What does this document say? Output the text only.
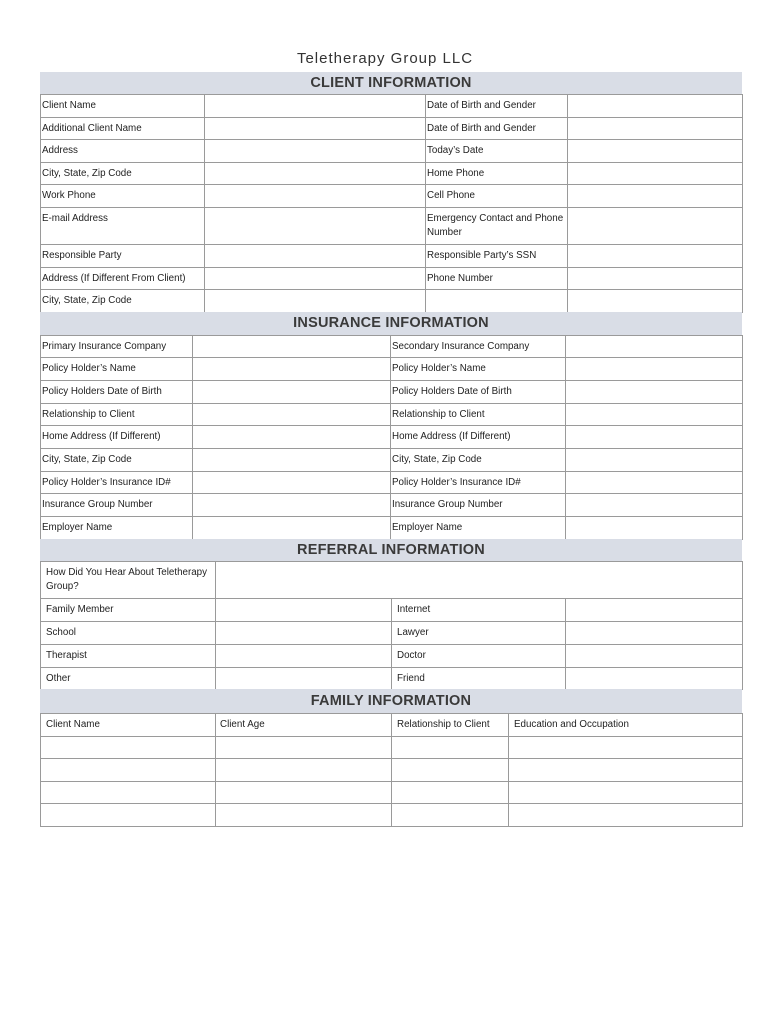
Teletherapy Group LLC
CLIENT INFORMATION
Client Name		Date of Birth and Gender	
Additional Client Name		Date of Birth and Gender	
Address		Today’s Date	
City, State, Zip Code		Home Phone	
Work Phone		Cell Phone	
E-mail Address		Emergency Contact and Phone Number	
Responsible Party		Responsible Party’s SSN	
Address (If Different From Client)		Phone Number	
City, State, Zip Code			
INSURANCE INFORMATION
Primary Insurance Company		Secondary Insurance Company	
Policy Holder’s Name		Policy Holder’s Name	
Policy Holders Date of Birth		Policy Holders Date of Birth	
Relationship to Client		Relationship to Client	
Home Address (If Different)		Home Address (If Different)	
City, State, Zip Code		City, State, Zip Code	
Policy Holder’s Insurance ID#		Policy Holder’s Insurance ID#	
Insurance Group Number		Insurance Group Number	
Employer Name		Employer Name	
REFERRAL INFORMATION
How Did You Hear About Teletherapy Group?			
Family Member		Internet	
School		Lawyer	
Therapist		Doctor	
Other		Friend	
FAMILY INFORMATION
Client Name	Client Age	Relationship to Client	Education and Occupation
